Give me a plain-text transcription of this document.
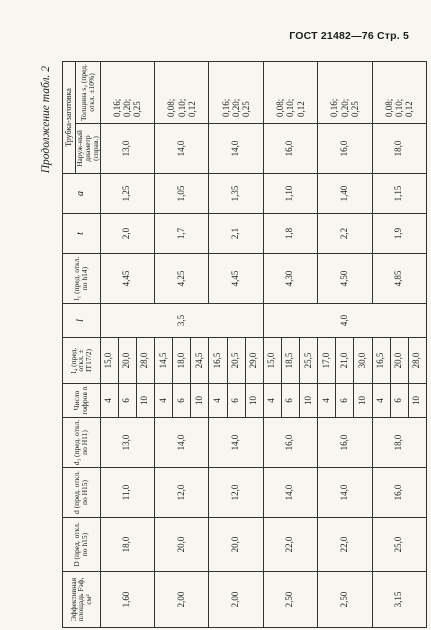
ГОСТ 21482—76 Стр. 5
Продолжение табл. 2
Эффективная площадь Fэф, см²	D (пред. откл. по h15)	d (пред. откл. по H15)	d₃ (пред. откл. по H11)	Число гофров n	l₄ (пред. откл. ± IT17/2)	l	l₁ (пред. откл. по h14)	t	a	Трубка-заготовка	
										Наруж-ный диаметр (справ.)	Толщина s₀ (пред. откл. ±10%)
1,60	18,0	11,0	13,0	4	15,0	3,5	4,45	2,0	1,25	13,0	0,16; 0,20; 0,25

				6	20,0						
				10	28,0						
2,00	20,0	12,0	14,0	4	14,5		4,25	1,7	1,05	14,0	0,08; 0,10; 0,12

				6	18,0						
				10	24,5						
2,00	20,0	12,0	14,0	4	16,5		4,45	2,1	1,35	14,0	0,16; 0,20; 0,25

				6	20,5						
				10	29,0						
2,50	22,0	14,0	16,0	4	15,0	4,0	4,30	1,8	1,10	16,0	0,08; 0,10; 0,12

				6	18,5						
				10	25,5						
2,50	22,0	14,0	16,0	4	17,0		4,50	2,2	1,40	16,0	0,16; 0,20; 0,25

				6	21,0						
				10	30,0						
3,15	25,0	16,0	18,0	4	16,5		4,85	1,9	1,15	18,0	0,08; 0,10; 0,12

				6	20,0						
				10	28,0						
